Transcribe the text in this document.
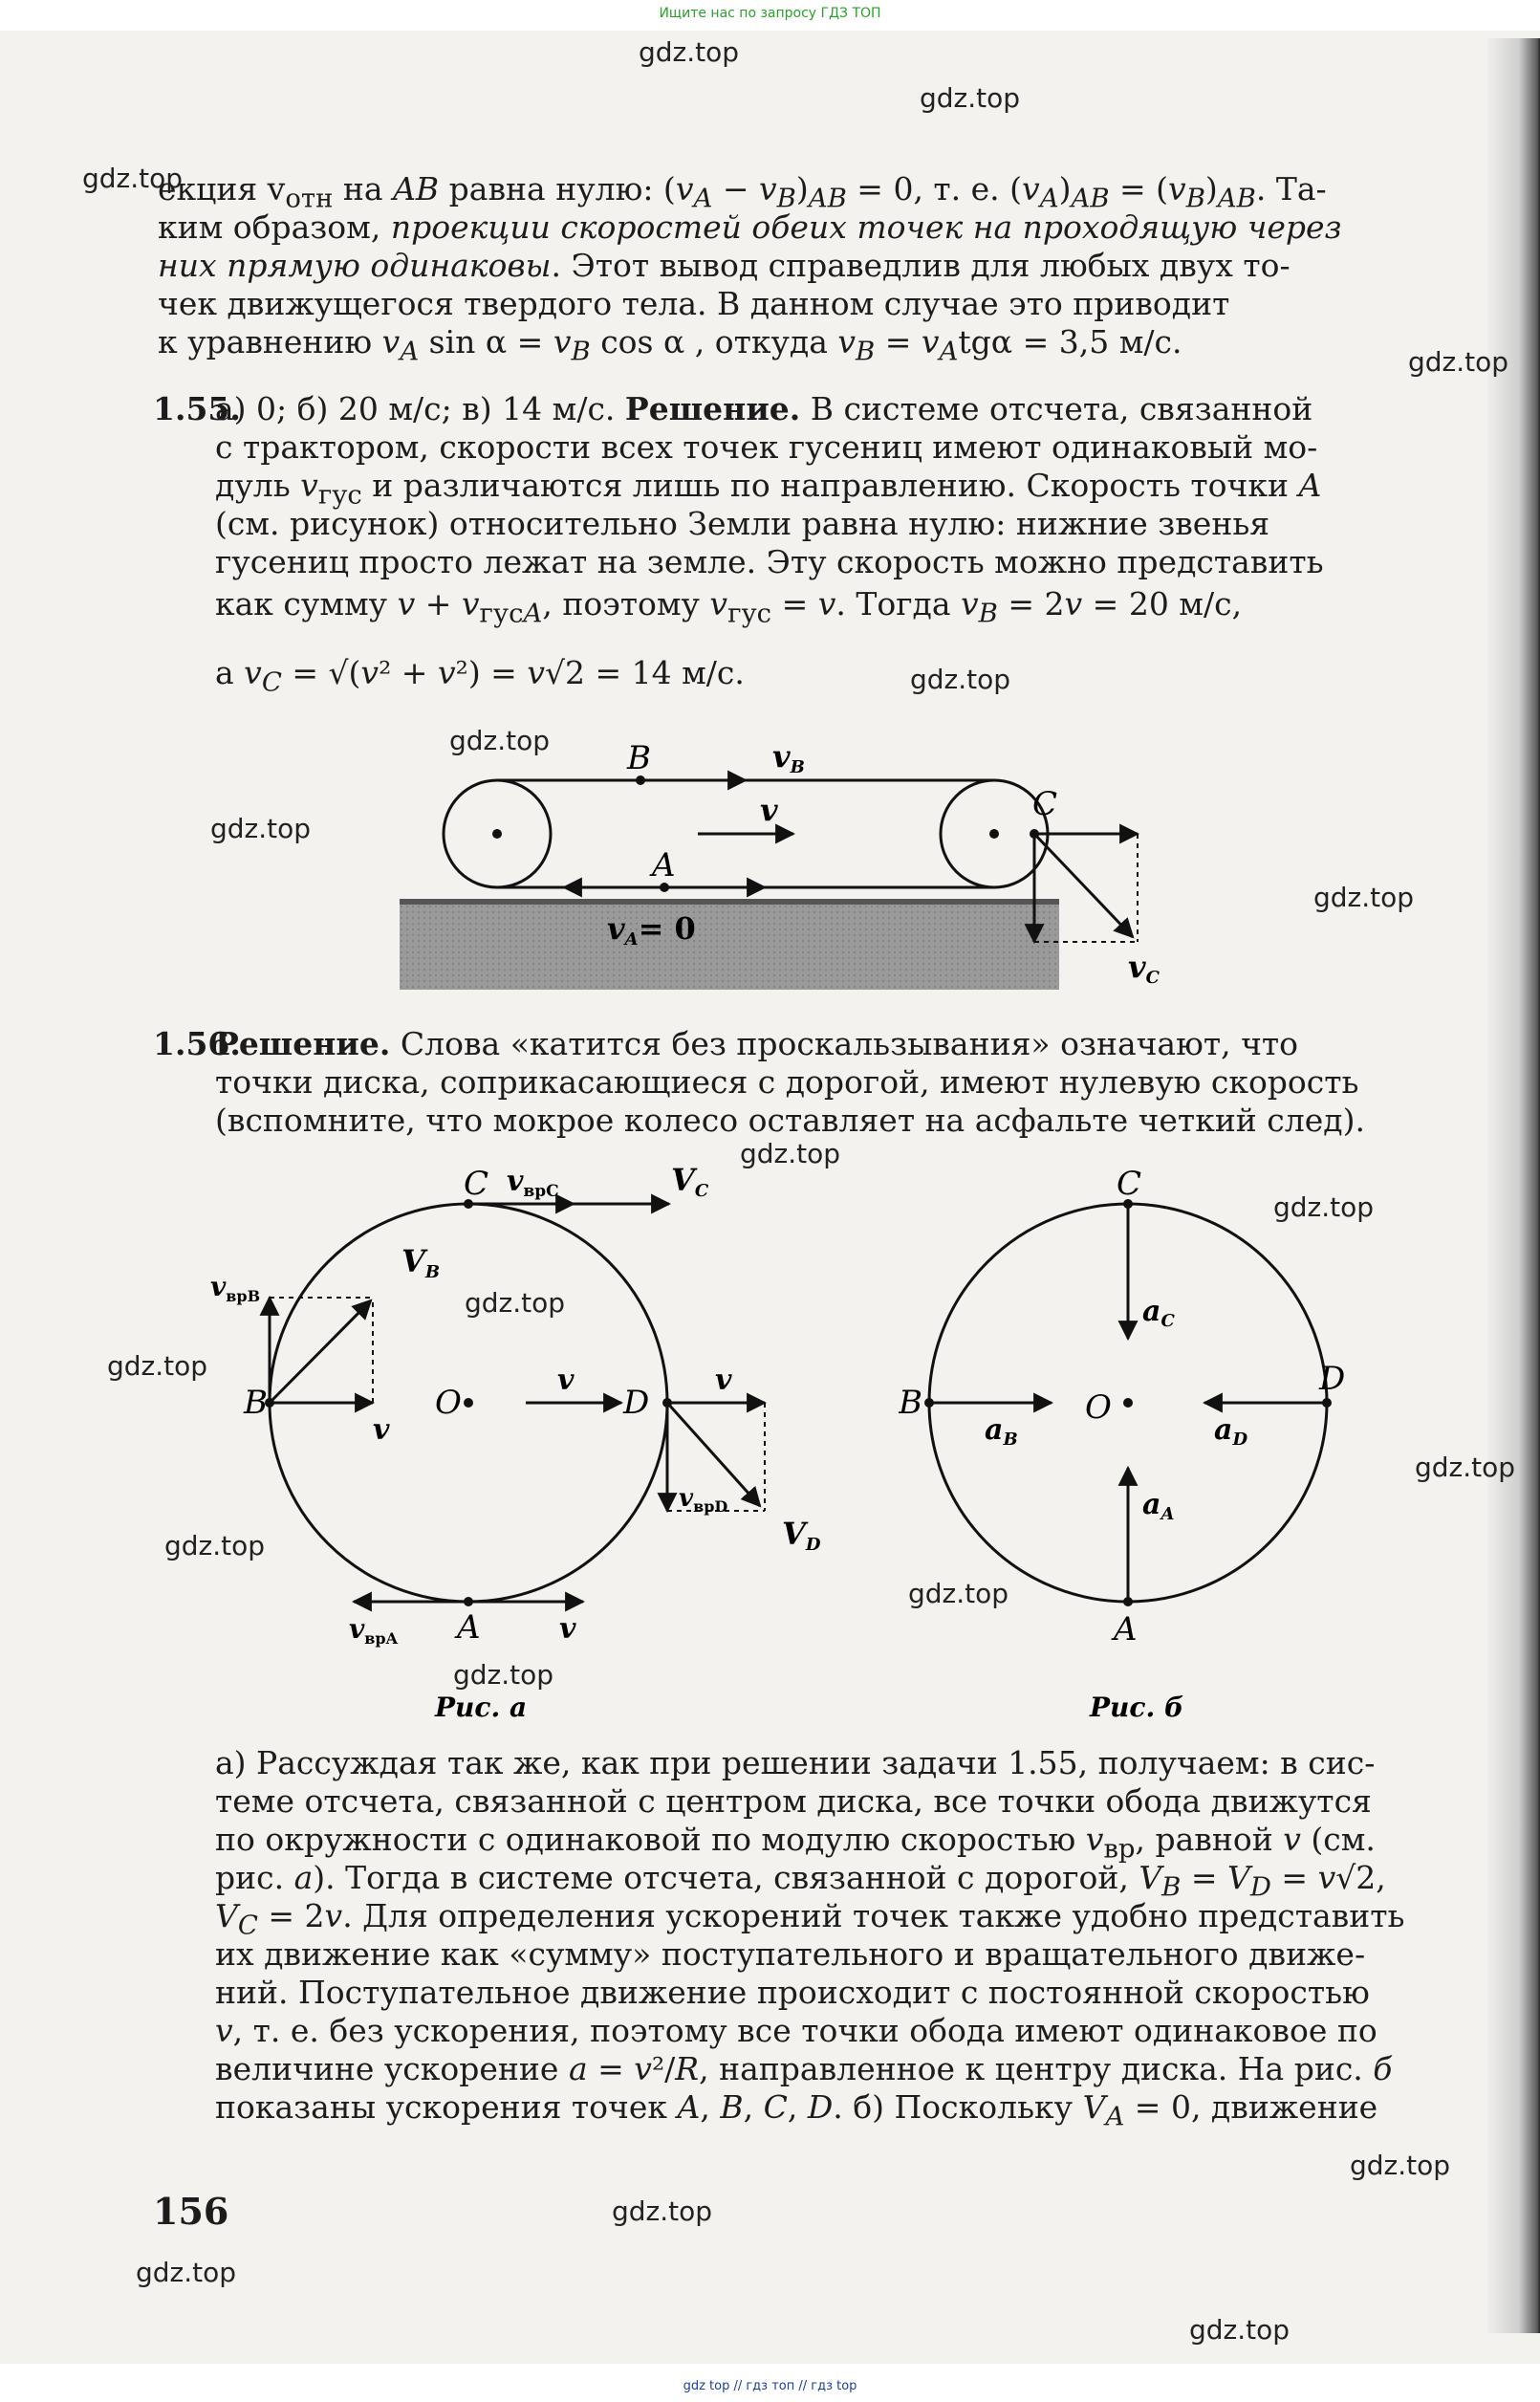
екция $v_{отн}$ на AB равна нулю: $(v_A - v_B)_{AB} = 0$, т. е. $(v_A)_{AB} = (v_B)_{AB}$. Та-
ким образом, проекции скоростей обеих точек на проходящую через
них прямую одинаковы. Этот вывод справедлив для любых двух то-
чек движущегося твердого тела. В данном случае это приводит
к уравнению $v_A$ $\sin \alpha = v_B$ cos α , откуда $v_B = v_Atg\alpha = 3,5$ м/с.
1.55.
а) 0; б) 20 м/с; в) 14 м/с. Решение. В системе отсчета, связанной
с трактором, скорости всех точек гусениц имеют одинаковый мо-
дуль $v_{гус}$ и различаются лишь по направлению. Скорость точки A
(см. рисунок) относительно Земли равна нулю: нижние звенья
гусениц просто лежат на земле. Эту скорость можно представить
как сумму $v + v_{гусA}$, поэтому $v_{гус} = v$. Тогда $v_B = 2v = 20$ м/с,
а $v_C = √(v^2 + v^2) = v√2 = 14$ м/с.
B	vB
v
A
vA= 0
C
vC
1.56.
Решение. Слова «катится без проскальзывания» означают, что
точки диска, соприкасающиеся с дорогой, имеют нулевую скорость
(вспомните, что мокрое колесо оставляет на асфальте четкий след).
C $v_{врC}$	VC
B
VB
$v_{врB}$
v
O
v
D
v
$v_{врD}$
VD
A
$v_{врA}$	v
Рис. а
C
B	O
D
A
$a_C$
$a_B$	$a_D$
$a_A$
Рис. б
а) Рассуждая так же, как при решении задачи 1.55, получаем: в сис-
теме отсчета, связанной с центром диска, все точки обода движутся
по окружности с одинаковой по модулю скоростью $v_{вр}$, равной v (см.
рис. а). Тогда в системе отсчета, связанной с дорогой, $V_B = V_D = v√2$,
$V_C = 2v$. Для определения ускорений точек также удобно представить
их движение как «сумму» поступательного и вращательного движе-
ний. Поступательное движение происходит с постоянной скоростью
v, т. е. без ускорения, поэтому все точки обода имеют одинаковое по
величине ускорение a = v²/R, направленное к центру диска. На рис. б
показаны ускорения точек A, B, C, D. б) Поскольку $V_A = 0$, движение
156
gdz.top
gdz.top
gdz.top
gdz.top
gdz.top
gdz.top
gdz.top
gdz.top
gdz.top
gdz.top
gdz.top
gdz.top
gdz.top
gdz.top
gdz.top
gdz.top
gdz.top
gdz.top
gdz.top
gdz.top
Ищите нас по запросу ГДЗ ТОП
gdz top // гдз топ // гдз top
